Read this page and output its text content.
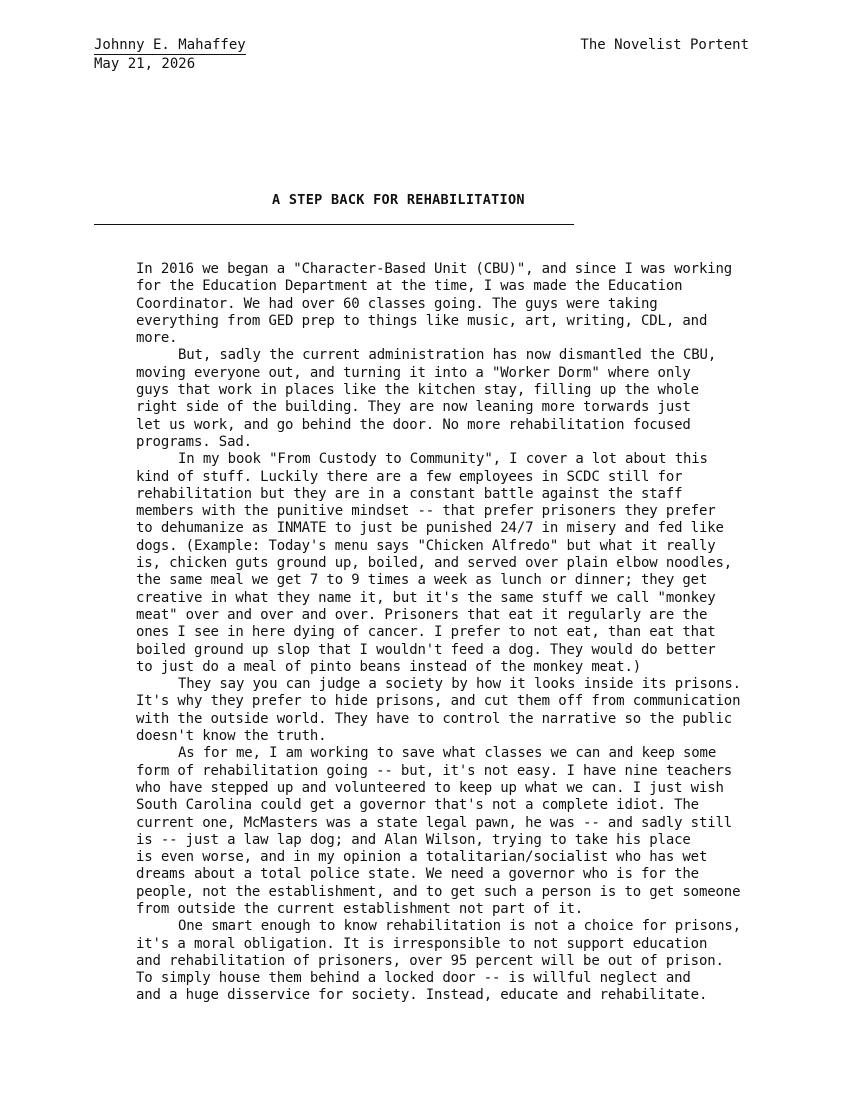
Johnny E. Mahaffey
May 21, 2026
The Novelist Portent
A STEP BACK FOR REHABILITATION
In 2016 we began a "Character-Based Unit (CBU)", and since I was working
for the Education Department at the time, I was made the Education
Coordinator. We had over 60 classes going. The guys were taking
everything from GED prep to things like music, art, writing, CDL, and
more.
But, sadly the current administration has now dismantled the CBU,
moving everyone out, and turning it into a "Worker Dorm" where only
guys that work in places like the kitchen stay, filling up the whole
right side of the building. They are now leaning more torwards just
let us work, and go behind the door. No more rehabilitation focused
programs. Sad.
In my book "From Custody to Community", I cover a lot about this
kind of stuff. Luckily there are a few employees in SCDC still for
rehabilitation but they are in a constant battle against the staff
members with the punitive mindset -- that prefer prisoners they prefer
to dehumanize as INMATE to just be punished 24/7 in misery and fed like
dogs. (Example: Today's menu says "Chicken Alfredo" but what it really
is, chicken guts ground up, boiled, and served over plain elbow noodles,
the same meal we get 7 to 9 times a week as lunch or dinner; they get
creative in what they name it, but it's the same stuff we call "monkey
meat" over and over and over. Prisoners that eat it regularly are the
ones I see in here dying of cancer. I prefer to not eat, than eat that
boiled ground up slop that I wouldn't feed a dog. They would do better
to just do a meal of pinto beans instead of the monkey meat.)
They say you can judge a society by how it looks inside its prisons.
It's why they prefer to hide prisons, and cut them off from communication
with the outside world. They have to control the narrative so the public
doesn't know the truth.
As for me, I am working to save what classes we can and keep some
form of rehabilitation going -- but, it's not easy. I have nine teachers
who have stepped up and volunteered to keep up what we can. I just wish
South Carolina could get a governor that's not a complete idiot. The
current one, McMasters was a state legal pawn, he was -- and sadly still
is -- just a law lap dog; and Alan Wilson, trying to take his place
is even worse, and in my opinion a totalitarian/socialist who has wet
dreams about a total police state. We need a governor who is for the
people, not the establishment, and to get such a person is to get someone
from outside the current establishment not part of it.
One smart enough to know rehabilitation is not a choice for prisons,
it's a moral obligation. It is irresponsible to not support education
and rehabilitation of prisoners, over 95 percent will be out of prison.
To simply house them behind a locked door -- is willful neglect and
and a huge disservice for society. Instead, educate and rehabilitate.
